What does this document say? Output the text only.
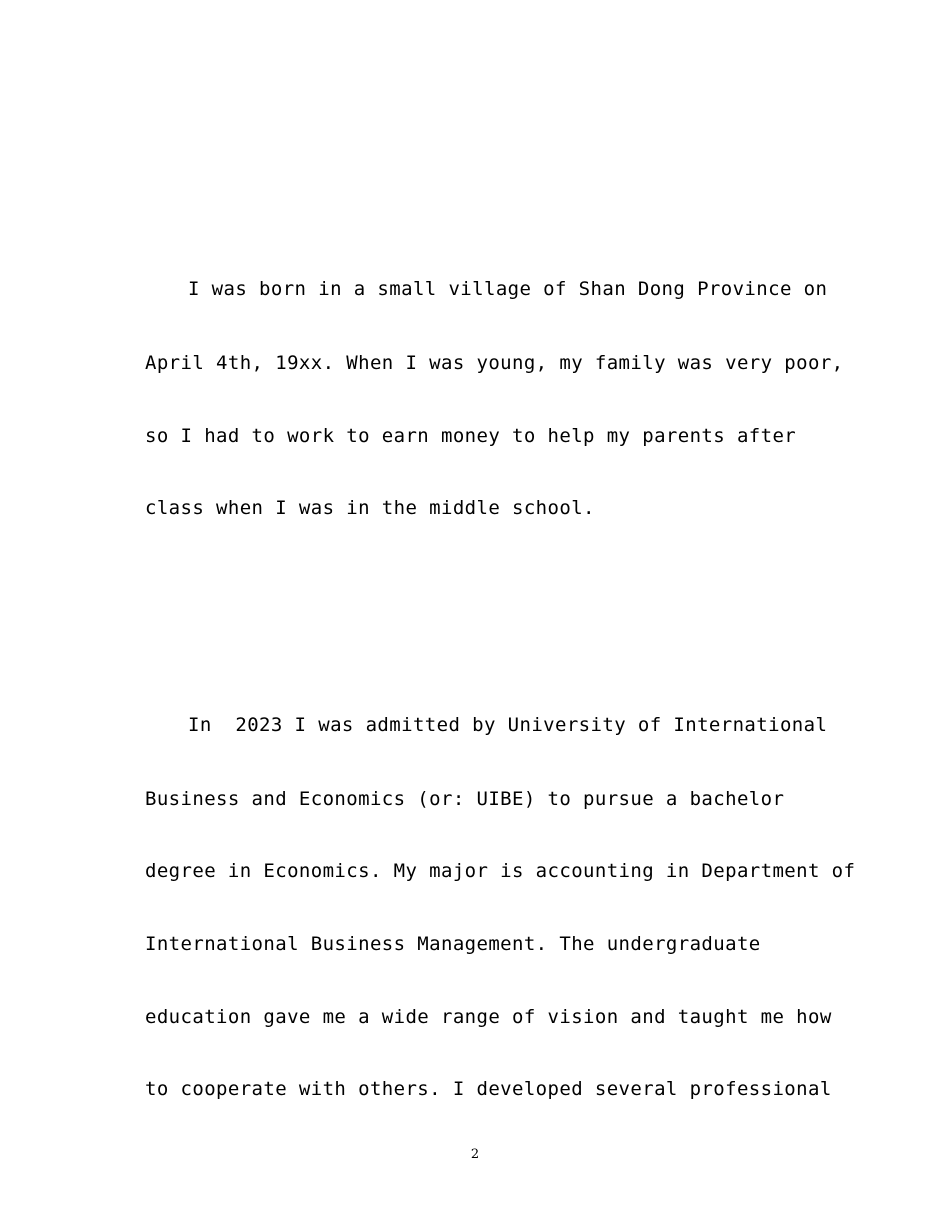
I was born in a small village of Shan Dong Province on
April 4th, 19xx. When I was young, my family was very poor,
so I had to work to earn money to help my parents after
class when I was in the middle school.
In  2023 I was admitted by University of International
Business and Economics (or: UIBE) to pursue a bachelor
degree in Economics. My major is accounting in Department of
International Business Management. The undergraduate
education gave me a wide range of vision and taught me how
to cooperate with others. I developed several professional
2
